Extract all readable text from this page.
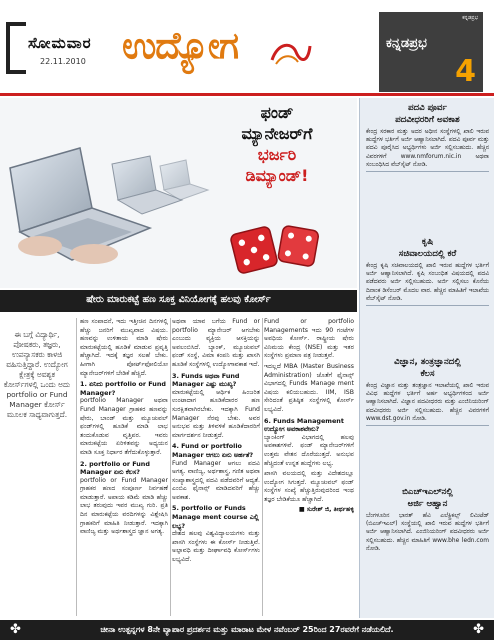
ಸೋಮವಾರ
22.11.2010 ಉದ್ಯೋಗ
ಕನ್ನಡಪ್ರಭ
ಕನ್ನಡಪ್ರಭ
4
ಫಂಡ್
ಮ್ಯಾನೇಜರ್‌ಗೆ
ಭರ್ಜರಿ
ಡಿಮ್ಯಾಂಡ್!
ಷೇರು ಮಾರುಕಟ್ಟೆ ಹಣ ಸೂಕ್ತ ವಿನಿಯೋಗಕ್ಕೆ ಹಲವು ಕೋರ್ಸ್
ಈ ಬಗ್ಗೆ ವಿದ್ಯಾರ್ಥಿ, ಪೋಷಕರು, ತಜ್ಞರು, ಉಪನ್ಯಾಸಕರು ಕಾಳಜಿ ವಹಿಸುತ್ತಿದ್ದಾರೆ. ಉದ್ಯೋಗ ಕ್ಷೇತ್ರಕ್ಕೆ ಅವಶ್ಯಕ ಕೋರ್ಸ್‌ಗಳಲ್ಲಿ ಒಂದು ಅದು portfolio or Fund Manager ಕೋರ್ಸ್‌ ಮೂಲಕ ಸಾಧ್ಯವಾಗುತ್ತದೆ.

ಹಣ ಸಂಪಾದನೆ, ಇದು ಇತ್ತೀಚಿನ ದಿನಗಳಲ್ಲಿ ಹೆಚ್ಚು ಜನರಿಗೆ ಮುಖ್ಯವಾದ ವಿಷಯ. ಹಣವನ್ನು ಉಳಿತಾಯ ಮಾಡಿ ಷೇರು ಮಾರುಕಟ್ಟೆಯಲ್ಲಿ ಹೂಡಿಕೆ ಮಾಡುವ ಪ್ರವೃತ್ತಿ ಹೆಚ್ಚಾಗಿದೆ. ಇದಕ್ಕೆ ತಜ್ಞರ ಸಲಹೆ ಬೇಕು. ಹೀಗಾಗಿ ಪೋರ್ಟ್‌ಫೋಲಿಯೋ ಮ್ಯಾನೇಜರ್‌ಗಳಿಗೆ ಬೇಡಿಕೆ ಹೆಚ್ಚಿದೆ.

1. ಏನಿದು portfolio or Fund Manager?

portfolio Manager ಅಥವಾ Fund Manager ಗ್ರಾಹಕರ ಹಣವನ್ನು ಷೇರು, ಬಾಂಡ್ ಮತ್ತು ಮ್ಯೂಚುವಲ್ ಫಂಡ್‌ಗಳಲ್ಲಿ ಹೂಡಿಕೆ ಮಾಡಿ ಲಾಭ ತಂದುಕೊಡುವ ವೃತ್ತಿಪರ. ಇವರು ಮಾರುಕಟ್ಟೆಯ ಏರಿಳಿತವನ್ನು ಅಧ್ಯಯನ ಮಾಡಿ ಸೂಕ್ತ ನಿರ್ಧಾರ ತೆಗೆದುಕೊಳ್ಳುತ್ತಾರೆ.

2. portfolio or Fund Manager ಏನು ಕೆಲಸ?

portfolio or Fund Manager ಗ್ರಾಹಕರ ಹಣದ ಸಂಪೂರ್ಣ ನಿರ್ವಹಣೆ ಮಾಡುತ್ತಾರೆ. ಅಪಾಯ ಕಡಿಮೆ ಮಾಡಿ ಹೆಚ್ಚು ಲಾಭ ತರುವುದು ಇವರ ಮುಖ್ಯ ಗುರಿ. ಪ್ರತಿ ದಿನ ಮಾರುಕಟ್ಟೆಯ ವರದಿಗಳನ್ನು ವಿಶ್ಲೇಷಿಸಿ ಗ್ರಾಹಕರಿಗೆ ಮಾಹಿತಿ ನೀಡುತ್ತಾರೆ. ಇದಕ್ಕಾಗಿ ವಾಣಿಜ್ಯ ಮತ್ತು ಅರ್ಥಶಾಸ್ತ್ರದ ಜ್ಞಾನ ಅಗತ್ಯ.

ಅಥವಾ ಯಾವ ಬಗೆಯ Fund or portfolio ಮ್ಯಾನೇಜರ್ ಆಗಬೇಕು ಎಂಬುದು ವ್ಯಕ್ತಿಯ ಆಸಕ್ತಿಯನ್ನು ಅವಲಂಬಿಸಿದೆ. ಬ್ಯಾಂಕ್, ಮ್ಯೂಚುವಲ್ ಫಂಡ್ ಸಂಸ್ಥೆ, ವಿಮಾ ಕಂಪನಿ ಮತ್ತು ಖಾಸಗಿ ಹೂಡಿಕೆ ಸಂಸ್ಥೆಗಳಲ್ಲಿ ಉದ್ಯೋಗಾವಕಾಶ ಇದೆ.

3. Funds ಅಥವಾ Fund Manager ಎಷ್ಟು ಮುಖ್ಯ?

ಮಾರುಕಟ್ಟೆಯಲ್ಲಿ ಆರ್ಥಿಕ ಹಿಂಜರಿತ ಉಂಟಾದಾಗ ಹೂಡಿಕೆದಾರರ ಹಣ ಸುರಕ್ಷಿತವಾಗಿರಬೇಕು. ಇದಕ್ಕಾಗಿ Fund Manager ನೆರವು ಬೇಕು. ಅವರ ಅನುಭವ ಮತ್ತು ತಿಳಿವಳಿಕೆ ಹೂಡಿಕೆದಾರರಿಗೆ ಮಾರ್ಗದರ್ಶನ ನೀಡುತ್ತದೆ.

4. Fund or portfolio Manager ಆಗಲು ಏನು ಅರ್ಹತೆ?

Fund Manager ಆಗಲು ಪದವಿ ಅಗತ್ಯ. ವಾಣಿಜ್ಯ, ಅರ್ಥಶಾಸ್ತ್ರ, ಗಣಿತ ಅಥವಾ ಸಂಖ್ಯಾಶಾಸ್ತ್ರದಲ್ಲಿ ಪದವಿ ಪಡೆದವರಿಗೆ ಆದ್ಯತೆ. ಎಂಬಿಎ ಫೈನಾನ್ಸ್ ಮಾಡಿದವರಿಗೆ ಹೆಚ್ಚು ಅವಕಾಶ.

5. portfolio or Funds Manage ment course ಎಲ್ಲಿ ಲಭ್ಯ?

ದೇಶದ ಹಲವು ವಿಶ್ವವಿದ್ಯಾಲಯಗಳು ಮತ್ತು ಖಾಸಗಿ ಸಂಸ್ಥೆಗಳು ಈ ಕೋರ್ಸ್ ನೀಡುತ್ತಿವೆ. ಅಲ್ಪಾವಧಿ ಮತ್ತು ದೀರ್ಘಾವಧಿ ಕೋರ್ಸ್‌ಗಳು ಲಭ್ಯವಿದೆ.

Fund or portfolio Managements ಇದು 90 ಗಂಟೆಗಳ ಅವಧಿಯ ಕೋರ್ಸ್. ರಾಷ್ಟ್ರೀಯ ಷೇರು ವಿನಿಮಯ ಕೇಂದ್ರ (NSE) ಮತ್ತು ಇತರ ಸಂಸ್ಥೆಗಳು ಪ್ರಮಾಣ ಪತ್ರ ನೀಡುತ್ತವೆ.

ಇದಲ್ಲದೆ MBA (Master Business Administration) ಜೊತೆಗೆ ಫೈನಾನ್ಸ್ ವಿಭಾಗದಲ್ಲಿ Funds Manage ment ವಿಷಯ ಕಲಿಯಬಹುದು. IIM, ISB ಸೇರಿದಂತೆ ಪ್ರತಿಷ್ಠಿತ ಸಂಸ್ಥೆಗಳಲ್ಲಿ ಕೋರ್ಸ್ ಲಭ್ಯವಿದೆ.

6. Funds Management ಉದ್ಯೋಗ ಅವಕಾಶವೇನು?

ಬ್ಯಾಂಕಿಂಗ್ ವಿಭಾಗದಲ್ಲಿ ಹಲವು ಅವಕಾಶಗಳಿವೆ. ಫಂಡ್ ಮ್ಯಾನೇಜರ್‌ಗಳಿಗೆ ಉತ್ತಮ ವೇತನ ದೊರೆಯುತ್ತದೆ. ಅನುಭವ ಹೆಚ್ಚಿದಂತೆ ಉನ್ನತ ಹುದ್ದೆಗಳು ಲಭ್ಯ.

ಖಾಸಗಿ ವಲಯದಲ್ಲಿ ಮತ್ತು ವಿದೇಶದಲ್ಲೂ ಉದ್ಯೋಗ ಸಿಗುತ್ತದೆ. ಮ್ಯೂಚುವಲ್ ಫಂಡ್ ಸಂಸ್ಥೆಗಳ ಸಂಖ್ಯೆ ಹೆಚ್ಚುತ್ತಿರುವುದರಿಂದ ಇಂಥ ತಜ್ಞರ ಬೇಡಿಕೆಯೂ ಹೆಚ್ಚಾಗಿದೆ.

■ ಸುರೇಶ್ ಜಿ, ತೀರ್ಥಹಳ್ಳಿ

ಪದವಿ ಪೂರ್ವ
ಪದವೀಧರರಿಗೆ ಅವಕಾಶ
ಕೇಂದ್ರ ಸರಕಾರ ಮತ್ತು ಅದರ ಅಧೀನ ಸಂಸ್ಥೆಗಳಲ್ಲಿ ಖಾಲಿ ಇರುವ ಹುದ್ದೆಗಳ ಭರ್ತಿಗೆ ಅರ್ಜಿ ಆಹ್ವಾನಿಸಲಾಗಿದೆ. ಪದವಿ ಪೂರ್ವ ಮತ್ತು ಪದವಿ ಪೂರೈಸಿದ ಅಭ್ಯರ್ಥಿಗಳು ಅರ್ಜಿ ಸಲ್ಲಿಸಬಹುದು. ಹೆಚ್ಚಿನ ವಿವರಗಳಿಗೆ www.nmforum.nic.in ಅಥವಾ ಸಂಬಂಧಿಸಿದ ವೆಬ್‌ಸೈಟ್ ನೋಡಿ.
ಕೃಷಿ
ಸಚಿವಾಲಯದಲ್ಲಿ ಕರೆ
ಕೇಂದ್ರ ಕೃಷಿ ಸಚಿವಾಲಯದಲ್ಲಿ ಖಾಲಿ ಇರುವ ಹುದ್ದೆಗಳ ಭರ್ತಿಗೆ ಅರ್ಜಿ ಆಹ್ವಾನಿಸಲಾಗಿದೆ. ಕೃಷಿ ಸಂಬಂಧಿತ ವಿಷಯದಲ್ಲಿ ಪದವಿ ಪಡೆದವರು ಅರ್ಜಿ ಸಲ್ಲಿಸಬಹುದು. ಅರ್ಜಿ ಸಲ್ಲಿಸಲು ಕೊನೆಯ ದಿನಾಂಕ ಡಿಸೆಂಬರ್ ಮೊದಲ ವಾರ. ಹೆಚ್ಚಿನ ಮಾಹಿತಿಗೆ ಇಲಾಖೆಯ ವೆಬ್‌ಸೈಟ್ ನೋಡಿ.
ವಿಜ್ಞಾನ, ತಂತ್ರಜ್ಞಾನದಲ್ಲಿ
ಕೆಲಸ
ಕೇಂದ್ರ ವಿಜ್ಞಾನ ಮತ್ತು ತಂತ್ರಜ್ಞಾನ ಇಲಾಖೆಯಲ್ಲಿ ಖಾಲಿ ಇರುವ ವಿವಿಧ ಹುದ್ದೆಗಳ ಭರ್ತಿಗೆ ಅರ್ಹ ಅಭ್ಯರ್ಥಿಗಳಿಂದ ಅರ್ಜಿ ಆಹ್ವಾನಿಸಲಾಗಿದೆ. ವಿಜ್ಞಾನ ಪದವೀಧರರು ಮತ್ತು ಎಂಜಿನಿಯರಿಂಗ್ ಪದವೀಧರರು ಅರ್ಜಿ ಸಲ್ಲಿಸಬಹುದು. ಹೆಚ್ಚಿನ ವಿವರಗಳಿಗೆ www.dst.gov.in ನೋಡಿ.
ಬಿಎಚ್‌ಇಎಲ್‌ನಲ್ಲಿ
ಅರ್ಜಿ ಆಹ್ವಾನ
ಬೆಂಗಳೂರಿನ ಭಾರತ್ ಹೆವಿ ಎಲೆಕ್ಟ್ರಿಕಲ್ಸ್ ಲಿಮಿಟೆಡ್ (ಬಿಎಚ್‌ಇಎಲ್) ಸಂಸ್ಥೆಯಲ್ಲಿ ಖಾಲಿ ಇರುವ ಹುದ್ದೆಗಳ ಭರ್ತಿಗೆ ಅರ್ಜಿ ಆಹ್ವಾನಿಸಲಾಗಿದೆ. ಎಂಜಿನಿಯರಿಂಗ್ ಪದವೀಧರರು ಅರ್ಜಿ ಸಲ್ಲಿಸಬಹುದು. ಹೆಚ್ಚಿನ ಮಾಹಿತಿಗೆ www.bhe ledn.com ನೋಡಿ.
✤	ಚೀನಾ ಉತ್ಪನ್ನಗಳ 8ನೇ ವ್ಯಾಪಾರ ಪ್ರದರ್ಶನ ಮತ್ತು ಮಾರಾಟ ಮೇಳ ನವೆಂಬರ್ 25ರಿಂದ 27ರವರೆಗೆ ನಡೆಯಲಿದೆ.	✤
